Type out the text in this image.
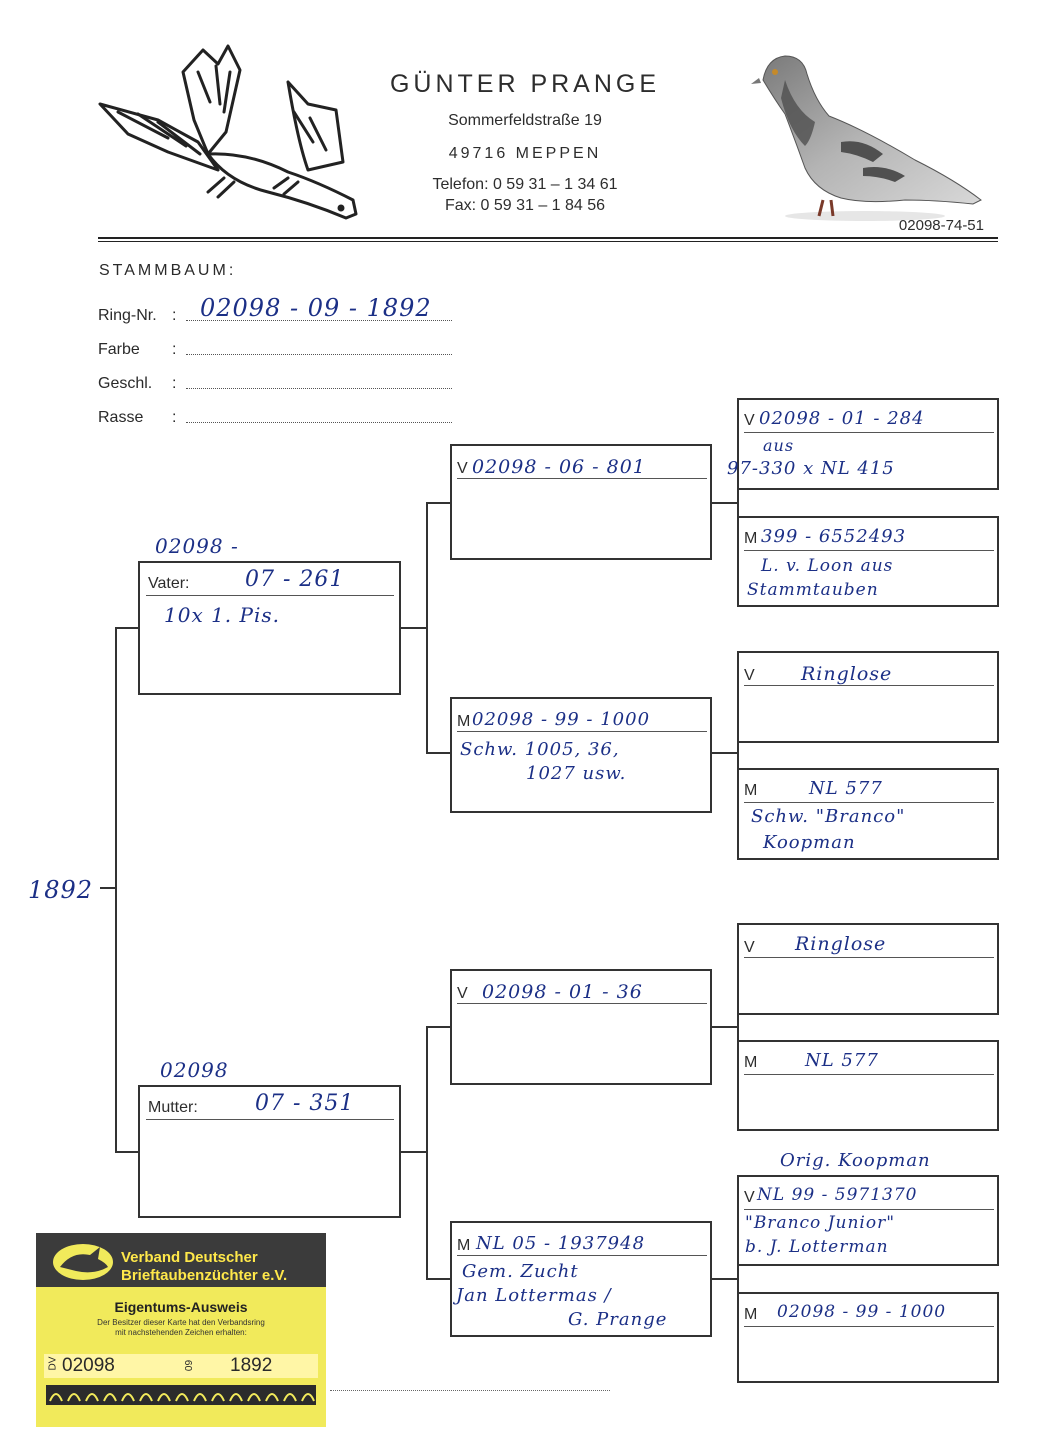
GÜNTER PRANGE
Sommerfeldstraße 19
49716 MEPPEN
Telefon: 0 59 31 – 1 34 61
Fax: 0 59 31 – 1 84 56
02098-74-51
STAMMBAUM:
Ring-Nr. : 02098 - 09 - 1892
Farbe :
Geschl. :
Rasse :
1892
02098 -
Vater:	07 - 261
10x 1. Pis.
02098
Mutter:	07 - 351
V 02098 - 06 - 801
M 02098 - 99 - 1000
Schw. 1005, 36,
1027 usw.
V 02098 - 01 - 36
M NL 05 - 1937948
Gem. Zucht
Jan Lottermas /
G. Prange
V 02098 - 01 - 284
aus
97-330 x NL 415
M 399 - 6552493
L. v. Loon aus
Stammtauben
V Ringlose
M	NL 577
Schw. "Branco"
Koopman
V Ringlose
M	NL 577
Orig. Koopman
V NL 99 - 5971370
"Branco Junior"
b. J. Lotterman
M 02098 - 99 - 1000
Verband Deutscher
Brieftaubenzüchter e.V.
Eigentums-Ausweis
Der Besitzer dieser Karte hat den Verbandsring
mit nachstehenden Zeichen erhalten:
DV 02098	09 1892
